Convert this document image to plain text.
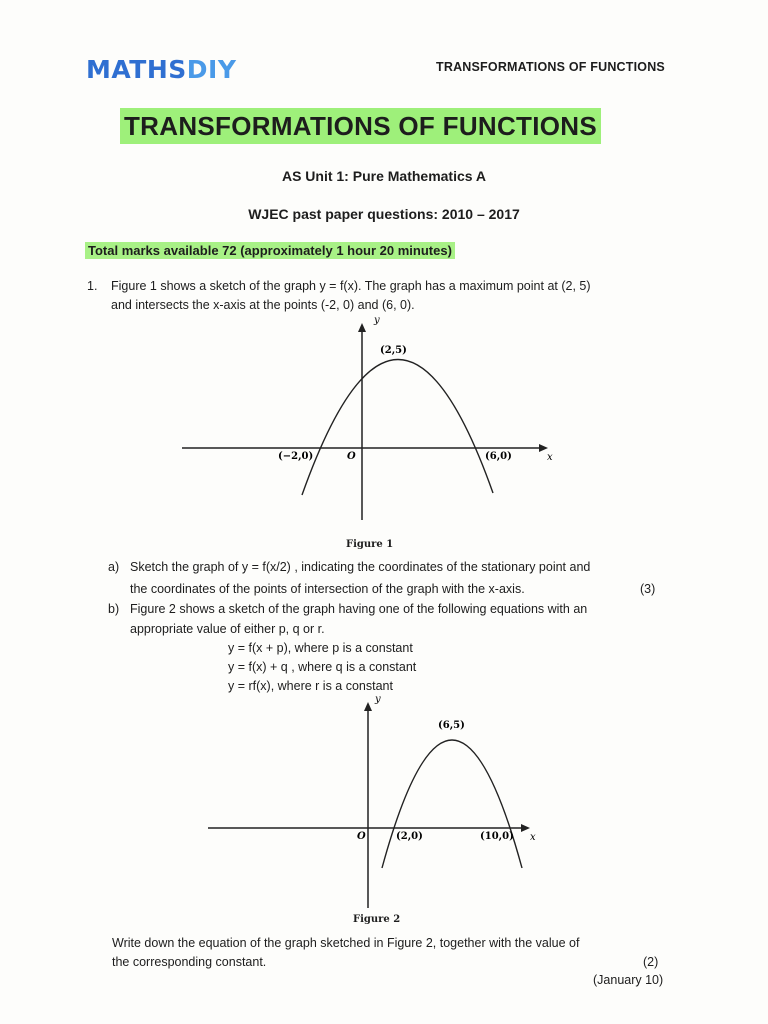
MATHSDIY	TRANSFORMATIONS OF FUNCTIONS
TRANSFORMATIONS OF FUNCTIONS
AS Unit 1: Pure Mathematics A
WJEC past paper questions: 2010 – 2017
Total marks available 72 (approximately 1 hour 20 minutes)
1. Figure 1 shows a sketch of the graph y = f(x). The graph has a maximum point at (2, 5)
and intersects the x-axis at the points (-2, 0) and (6, 0).
y
x
(2,5)
(−2,0)	O	(6,0)
Figure 1
a) Sketch the graph of y = f(x/2) , indicating the coordinates of the stationary point and
the coordinates of the points of intersection of the graph with the x-axis.	(3)
b) Figure 2 shows a sketch of the graph having one of the following equations with an
appropriate value of either p, q or r.
y = f(x + p), where p is a constant
y = f(x) + q , where q is a constant
y = rf(x), where r is a constant
y
x
(6,5)
O	(2,0)	(10,0)
Figure 2
Write down the equation of the graph sketched in Figure 2, together with the value of
the corresponding constant.	(2)
(January 10)
